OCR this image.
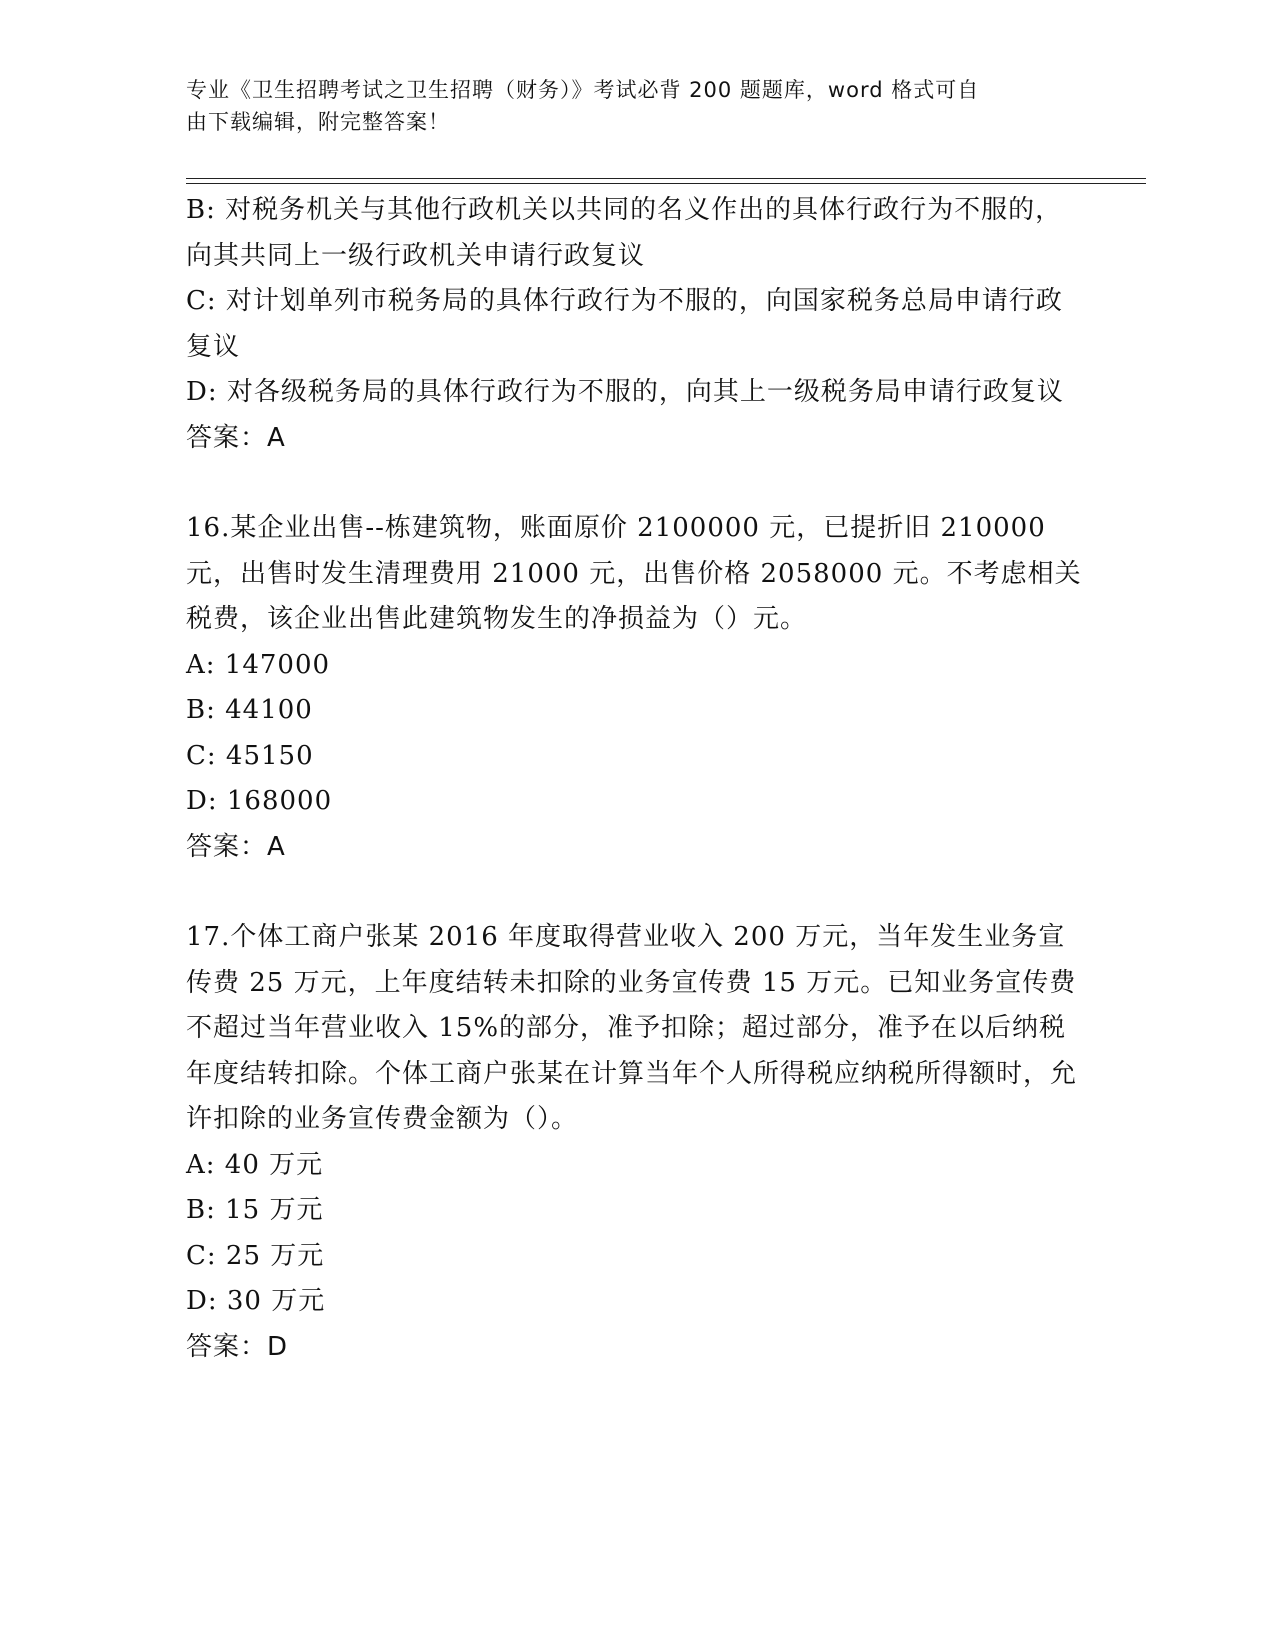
专业《卫生招聘考试之卫生招聘（财务）》考试必背 200 题题库，word 格式可自
由下载编辑，附完整答案！

B: 对税务机关与其他行政机关以共同的名义作出的具体行政行为不服的，向其共同上一级行政机关申请行政复议

C: 对计划单列市税务局的具体行政行为不服的，向国家税务总局申请行政复议

D: 对各级税务局的具体行政行为不服的，向其上一级税务局申请行政复议

答案：A

16.某企业出售--栋建筑物，账面原价 2100000 元，已提折旧 210000 元，出售时发生清理费用 21000 元，出售价格 2058000 元。不考虑相关税费，该企业出售此建筑物发生的净损益为（）元。

A: 147000

B: 44100

C: 45150

D: 168000

答案：A

17.个体工商户张某 2016 年度取得营业收入 200 万元，当年发生业务宣传费 25 万元，上年度结转未扣除的业务宣传费 15 万元。已知业务宣传费不超过当年营业收入 15%的部分，准予扣除；超过部分，准予在以后纳税年度结转扣除。个体工商户张某在计算当年个人所得税应纳税所得额时，允许扣除的业务宣传费金额为（）。

A: 40 万元

B: 15 万元

C: 25 万元

D: 30 万元

答案：D
